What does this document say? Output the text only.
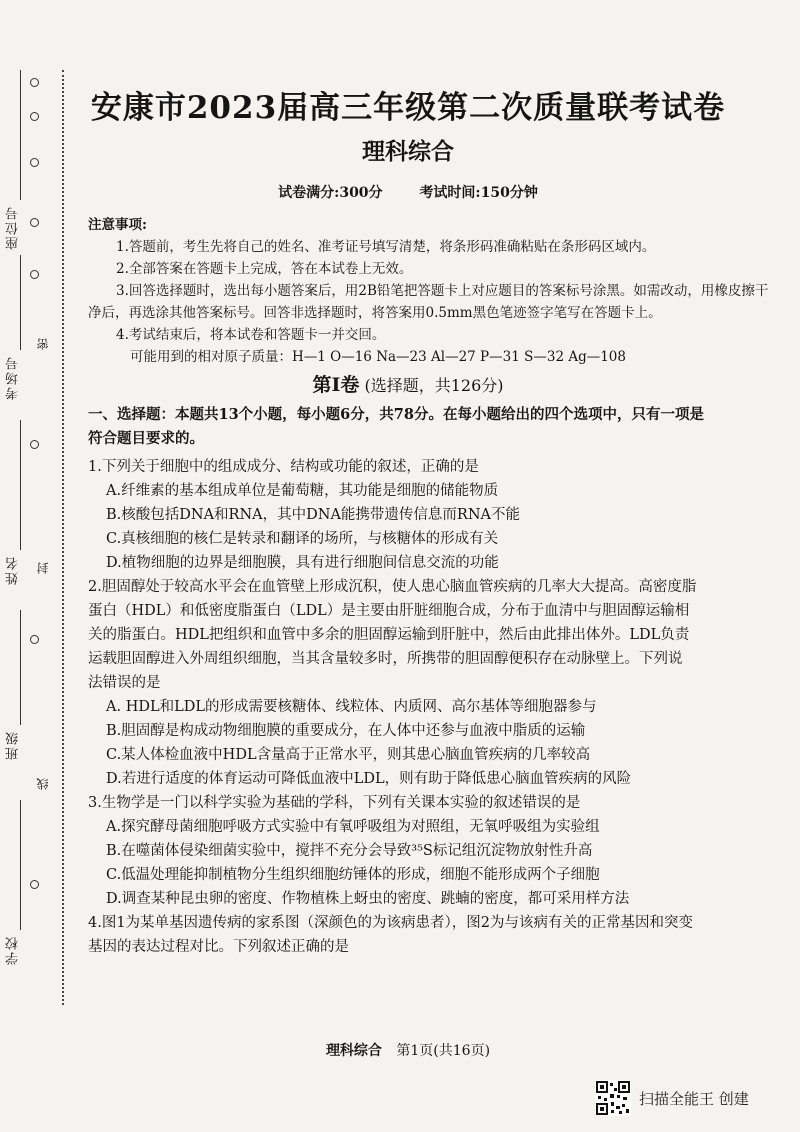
座位号
考场号
姓名
班级
学校
密
封
线
安康市2023届高三年级第二次质量联考试卷
理科综合
试卷满分:300分	考试时间:150分钟
注意事项:
1.答题前，考生先将自己的姓名、准考证号填写清楚，将条形码准确粘贴在条形码区域内。
2.全部答案在答题卡上完成，答在本试卷上无效。
3.回答选择题时，选出每小题答案后，用2B铅笔把答题卡上对应题目的答案标号涂黑。如需改动，用橡皮擦干
净后，再选涂其他答案标号。回答非选择题时，将答案用0.5mm黑色笔迹签字笔写在答题卡上。
4.考试结束后，将本试卷和答题卡一并交回。
可能用到的相对原子质量：H—1 O—16 Na—23 Al—27 P—31 S—32 Ag—108
第Ⅰ卷 (选择题，共126分)
一、选择题：本题共13个小题，每小题6分，共78分。在每小题给出的四个选项中，只有一项是
符合题目要求的。
1.下列关于细胞中的组成成分、结构或功能的叙述，正确的是
A.纤维素的基本组成单位是葡萄糖，其功能是细胞的储能物质
B.核酸包括DNA和RNA，其中DNA能携带遗传信息而RNA不能
C.真核细胞的核仁是转录和翻译的场所，与核糖体的形成有关
D.植物细胞的边界是细胞膜，具有进行细胞间信息交流的功能
2.胆固醇处于较高水平会在血管壁上形成沉积，使人患心脑血管疾病的几率大大提高。高密度脂
蛋白（HDL）和低密度脂蛋白（LDL）是主要由肝脏细胞合成，分布于血清中与胆固醇运输相
关的脂蛋白。HDL把组织和血管中多余的胆固醇运输到肝脏中，然后由此排出体外。LDL负责
运载胆固醇进入外周组织细胞，当其含量较多时，所携带的胆固醇便积存在动脉壁上。下列说
法错误的是
A. HDL和LDL的形成需要核糖体、线粒体、内质网、高尔基体等细胞器参与
B.胆固醇是构成动物细胞膜的重要成分，在人体中还参与血液中脂质的运输
C.某人体检血液中HDL含量高于正常水平，则其患心脑血管疾病的几率较高
D.若进行适度的体育运动可降低血液中LDL，则有助于降低患心脑血管疾病的风险
3.生物学是一门以科学实验为基础的学科，下列有关课本实验的叙述错误的是
A.探究酵母菌细胞呼吸方式实验中有氧呼吸组为对照组，无氧呼吸组为实验组
B.在噬菌体侵染细菌实验中，搅拌不充分会导致³⁵S标记组沉淀物放射性升高
C.低温处理能抑制植物分生组织细胞纺锤体的形成，细胞不能形成两个子细胞
D.调查某种昆虫卵的密度、作物植株上蚜虫的密度、跳蝻的密度，都可采用样方法
4.图1为某单基因遗传病的家系图（深颜色的为该病患者），图2为与该病有关的正常基因和突变
基因的表达过程对比。下列叙述正确的是
理科综合 第1页(共16页)
扫描全能王 创建
